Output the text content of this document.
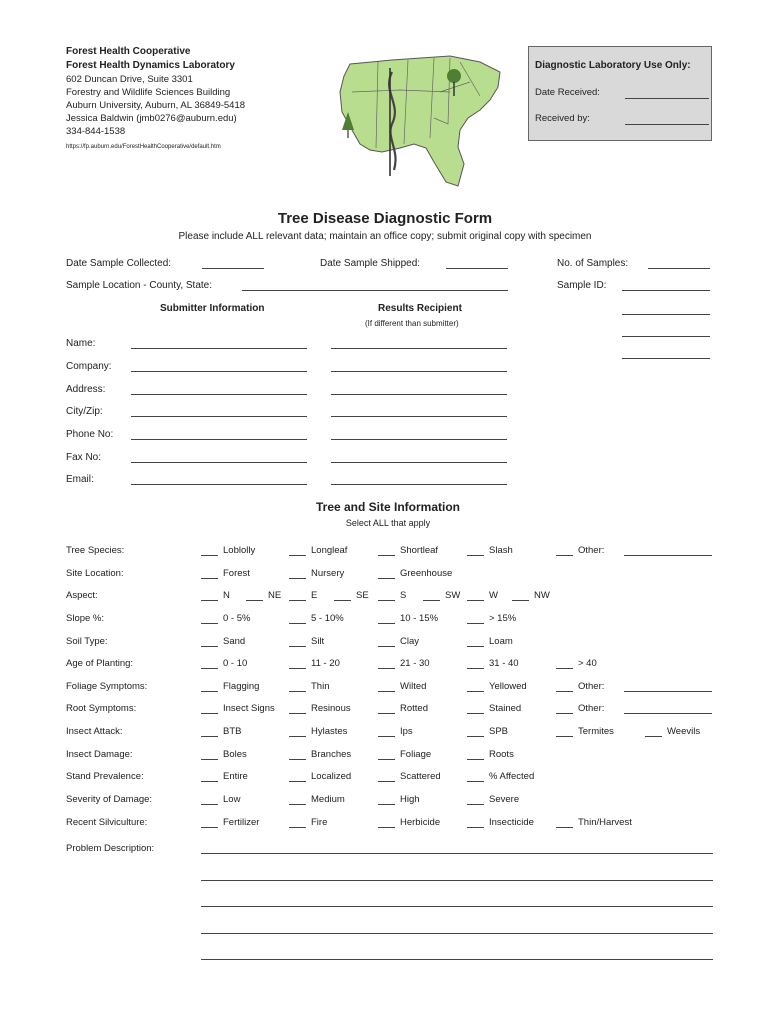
Forest Health Cooperative
Forest Health Dynamics Laboratory
602 Duncan Drive, Suite 3301
Forestry and Wildlife Sciences Building
Auburn University, Auburn, AL 36849-5418
Jessica Baldwin (jmb0276@auburn.edu)
334-844-1538
https://fp.auburn.edu/ForestHealthCooperative/default.htm
Diagnostic Laboratory Use Only:
Date Received:
Received by:
Tree Disease Diagnostic Form
Please include ALL relevant data; maintain an office copy; submit original copy with specimen
Date Sample Collected:	Date Sample Shipped:	No. of Samples:
Sample Location - County, State:	Sample ID:
Submitter Information	Results Recipient
(If different than submitter)
Name:
Company:
Address:
City/Zip:
Phone No:
Fax No:
Email:
Tree and Site Information
Select ALL that apply
Tree Species:	Loblolly	Longleaf	Shortleaf	Slash	Other:
Site Location:	Forest	Nursery	Greenhouse
Aspect:	N	NE	E	SE	S	SW	W	NW
Slope %:	0 - 5%	5 - 10%	10 - 15%	> 15%
Soil Type:	Sand	Silt	Clay	Loam
Age of Planting:	0 - 10	11 - 20	21 - 30	31 - 40	> 40
Foliage Symptoms:	Flagging	Thin	Wilted	Yellowed	Other:
Root Symptoms:	Insect Signs	Resinous	Rotted	Stained	Other:
Insect Attack:	BTB	Hylastes	Ips	SPB	Termites	Weevils
Insect Damage:	Boles	Branches	Foliage	Roots
Stand Prevalence:	Entire	Localized	Scattered	% Affected
Severity of Damage:	Low	Medium	High	Severe
Recent Silviculture:	Fertilizer	Fire	Herbicide	Insecticide	Thin/Harvest
Problem Description:
